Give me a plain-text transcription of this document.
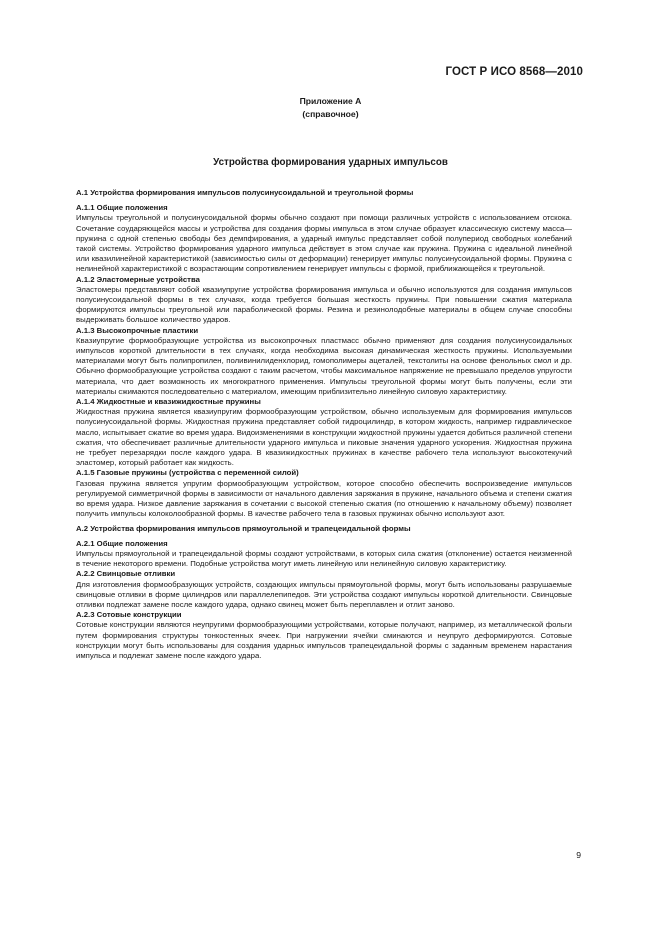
ГОСТ Р ИСО 8568—2010
Приложение А
(справочное)
Устройства формирования ударных импульсов
А.1 Устройства формирования импульсов полусинусоидальной и треугольной формы
А.1.1 Общие положения

Импульсы треугольной и полусинусоидальной формы обычно создают при помощи различных устройств с использованием отскока. Сочетание соударяющейся массы и устройства для создания формы импульса в этом случае образует классическую систему масса—пружина с одной степенью свободы без демпфирования, а ударный импульс представляет собой полупериод свободных колебаний такой системы. Устройство формирования ударного импульса действует в этом случае как пружина. Пружина с идеальной линейной или квазилинейной характеристикой (зависимостью силы от деформации) генерирует импульс полусинусоидальной формы. Пружина с нелинейной характеристикой с возрастающим сопротивлением генерирует импульсы с формой, приближающейся к треугольной.

А.1.2 Эластомерные устройства

Эластомеры представляют собой квазиупругие устройства формирования импульса и обычно используются для создания импульсов полусинусоидальной формы в тех случаях, когда требуется большая жесткость пружины. При повышении сжатия материала формируются импульсы треугольной или параболической формы. Резина и резинолодобные материалы в общем случае способны выдерживать большое количество ударов.

А.1.3 Высокопрочные пластики

Квазиупругие формообразующие устройства из высокопрочных пластмасс обычно применяют для создания полусинусоидальных импульсов короткой длительности в тех случаях, когда необходима высокая динамическая жесткость пружины. Используемыми материалами могут быть полипропилен, поливинилиденхлорид, гомополимеры ацеталей, текстолиты на основе фенольных смол и др. Обычно формообразующие устройства создают с таким расчетом, чтобы максимальное напряжение не превышало пределов упругости материала, что дает возможность их многократного применения. Импульсы треугольной формы могут быть получены, если эти материалы сжимаются последовательно с материалом, имеющим приблизительно линейную силовую характеристику.

А.1.4 Жидкостные и квазижидкостные пружины

Жидкостная пружина является квазиупругим формообразующим устройством, обычно используемым для формирования импульсов полусинусоидальной формы. Жидкостная пружина представляет собой гидроцилиндр, в котором жидкость, например гидравлическое масло, испытывает сжатие во время удара. Видоизменениями в конструкции жидкостной пружины удается добиться различной степени сжатия, что обеспечивает различные длительности ударного импульса и пиковые значения ударного ускорения. Жидкостная пружина не требует перезарядки после каждого удара. В квазижидкостных пружинах в качестве рабочего тела используют высокотекучий эластомер, который работает как жидкость.

А.1.5 Газовые пружины (устройства с переменной силой)

Газовая пружина является упругим формообразующим устройством, которое способно обеспечить воспроизведение импульсов регулируемой симметричной формы в зависимости от начального давления заряжания в пружине, начального объема и степени сжатия во время удара. Низкое давление заряжания в сочетании с высокой степенью сжатия (по отношению к начальному объему) позволяет получить импульсы колоколообразной формы. В качестве рабочего тела в газовых пружинах обычно используют азот.

А.2 Устройства формирования импульсов прямоугольной и трапецеидальной формы
А.2.1 Общие положения

Импульсы прямоугольной и трапецеидальной формы создают устройствами, в которых сила сжатия (отклонение) остается неизменной в течение некоторого времени. Подобные устройства могут иметь линейную или нелинейную силовую характеристику.

А.2.2 Свинцовые отливки

Для изготовления формообразующих устройств, создающих импульсы прямоугольной формы, могут быть использованы разрушаемые свинцовые отливки в форме цилиндров или параллелепипедов. Эти устройства создают импульсы короткой длительности. Свинцовые отливки подлежат замене после каждого удара, однако свинец может быть переплавлен и отлит заново.

А.2.3 Сотовые конструкции

Сотовые конструкции являются неупругими формообразующими устройствами, которые получают, например, из металлической фольги путем формирования структуры тонкостенных ячеек. При нагружении ячейки сминаются и неупруго деформируются. Сотовые конструкции могут быть использованы для создания ударных импульсов трапецеидальной формы с заданным временем нарастания импульса и подлежат замене после каждого удара.

9
